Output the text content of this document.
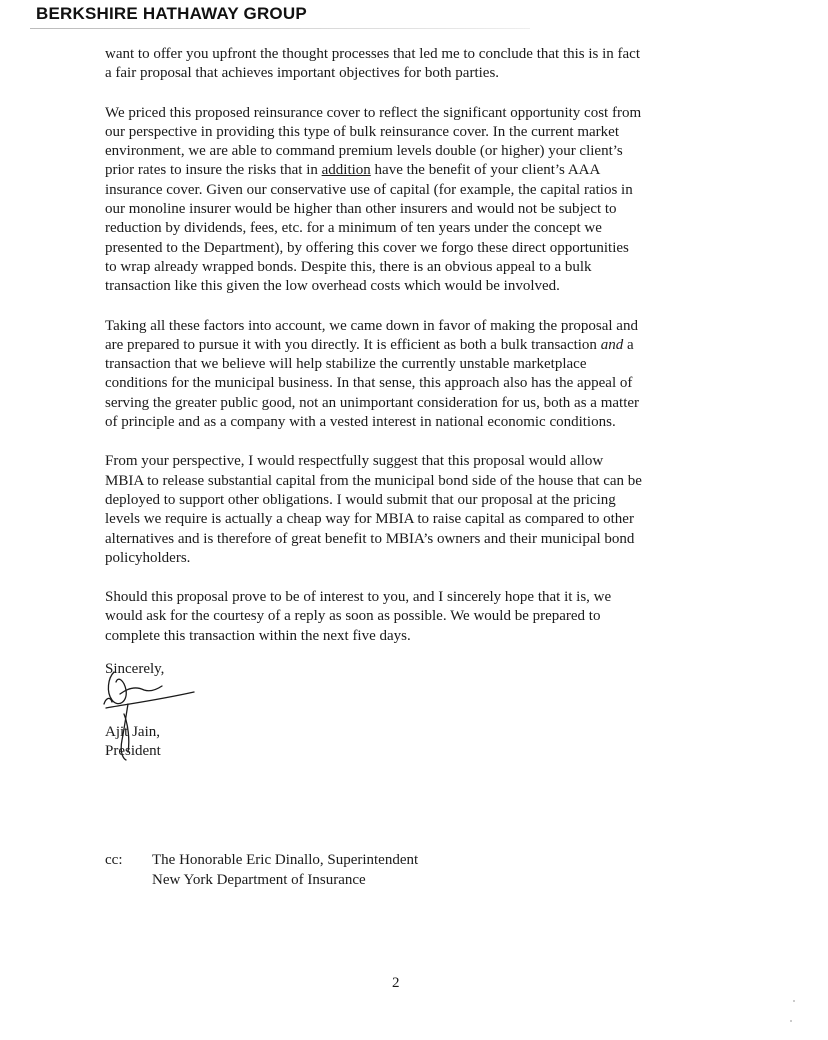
BERKSHIRE HATHAWAY GROUP
want to offer you upfront the thought processes that led me to conclude that this is in fact
a fair proposal that achieves important objectives for both parties.
We priced this proposed reinsurance cover to reflect the significant opportunity cost from
our perspective in providing this type of bulk reinsurance cover. In the current market
environment, we are able to command premium levels double (or higher) your client’s
prior rates to insure the risks that in addition have the benefit of your client’s AAA
insurance cover. Given our conservative use of capital (for example, the capital ratios in
our monoline insurer would be higher than other insurers and would not be subject to
reduction by dividends, fees, etc. for a minimum of ten years under the concept we
presented to the Department), by offering this cover we forgo these direct opportunities
to wrap already wrapped bonds. Despite this, there is an obvious appeal to a bulk
transaction like this given the low overhead costs which would be involved.
Taking all these factors into account, we came down in favor of making the proposal and
are prepared to pursue it with you directly. It is efficient as both a bulk transaction and a
transaction that we believe will help stabilize the currently unstable marketplace
conditions for the municipal business. In that sense, this approach also has the appeal of
serving the greater public good, not an unimportant consideration for us, both as a matter
of principle and as a company with a vested interest in national economic conditions.
From your perspective, I would respectfully suggest that this proposal would allow
MBIA to release substantial capital from the municipal bond side of the house that can be
deployed to support other obligations. I would submit that our proposal at the pricing
levels we require is actually a cheap way for MBIA to raise capital as compared to other
alternatives and is therefore of great benefit to MBIA’s owners and their municipal bond
policyholders.
Should this proposal prove to be of interest to you, and I sincerely hope that it is, we
would ask for the courtesy of a reply as soon as possible. We would be prepared to
complete this transaction within the next five days.
Sincerely,
Ajit Jain,
President
cc:	The Honorable Eric Dinallo, Superintendent
New York Department of Insurance
2
